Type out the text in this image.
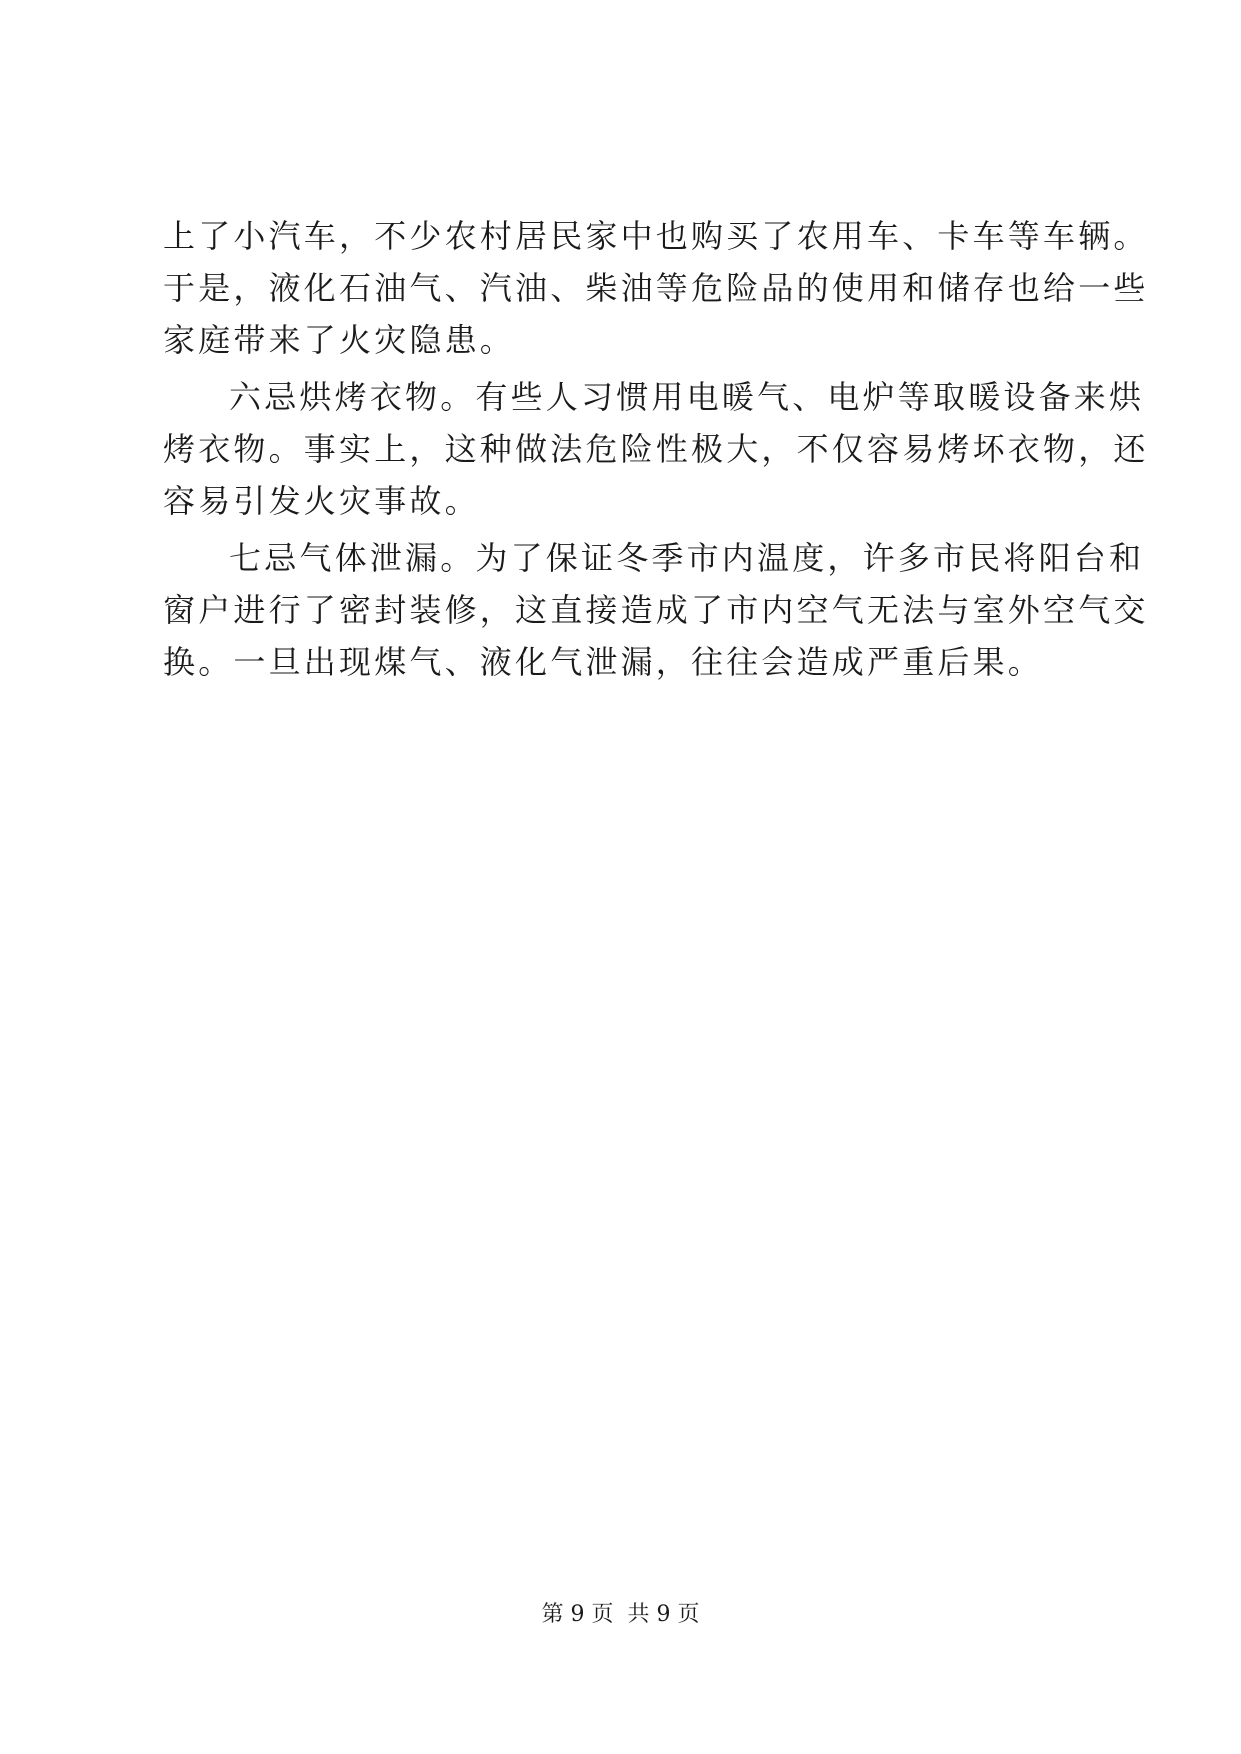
上了小汽车，不少农村居民家中也购买了农用车、卡车等车辆。
于是，液化石油气、汽油、柴油等危险品的使用和储存也给一些
家庭带来了火灾隐患。
六忌烘烤衣物。有些人习惯用电暖气、电炉等取暖设备来烘
烤衣物。事实上，这种做法危险性极大，不仅容易烤坏衣物，还
容易引发火灾事故。
七忌气体泄漏。为了保证冬季市内温度，许多市民将阳台和
窗户进行了密封装修，这直接造成了市内空气无法与室外空气交
换。一旦出现煤气、液化气泄漏，往往会造成严重后果。
第 9 页  共 9 页
